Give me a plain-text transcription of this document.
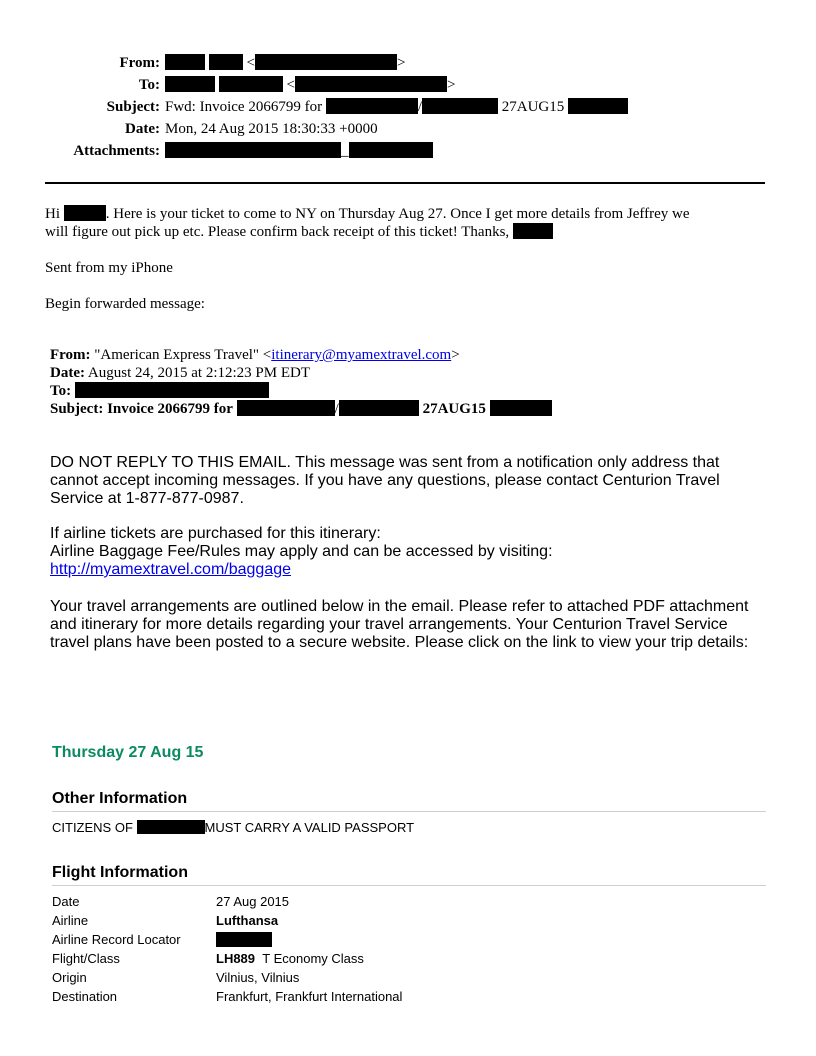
From:	<	>
To:	<	>
Subject: Fwd: Invoice 2066799 for	/	27AUG15
Date: Mon, 24 Aug 2015 18:30:33 +0000
Attachments:	_
Hi	. Here is your ticket to come to NY on Thursday Aug 27. Once I get more details from Jeffrey we
will figure out pick up etc. Please confirm back receipt of this ticket! Thanks,
Sent from my iPhone
Begin forwarded message:
From: "American Express Travel" <itinerary@myamextravel.com>
Date: August 24, 2015 at 2:12:23 PM EDT
To:
Subject: Invoice 2066799 for	/	27AUG15
DO NOT REPLY TO THIS EMAIL. This message was sent from a notification only address that cannot accept incoming messages. If you have any questions, please contact Centurion Travel Service at 1-877-877-0987.
If airline tickets are purchased for this itinerary:
Airline Baggage Fee/Rules may apply and can be accessed by visiting:
http://myamextravel.com/baggage
Your travel arrangements are outlined below in the email. Please refer to attached PDF attachment and itinerary for more details regarding your travel arrangements. Your Centurion Travel Service travel plans have been posted to a secure website. Please click on the link to view your trip details:
Thursday 27 Aug 15
Other Information
CITIZENS OF	MUST CARRY A VALID PASSPORT
Flight Information
Date	27 Aug 2015
Airline	Lufthansa
Airline Record Locator
Flight/Class	LH889 T Economy Class
Origin	Vilnius, Vilnius
Destination	Frankfurt, Frankfurt International
